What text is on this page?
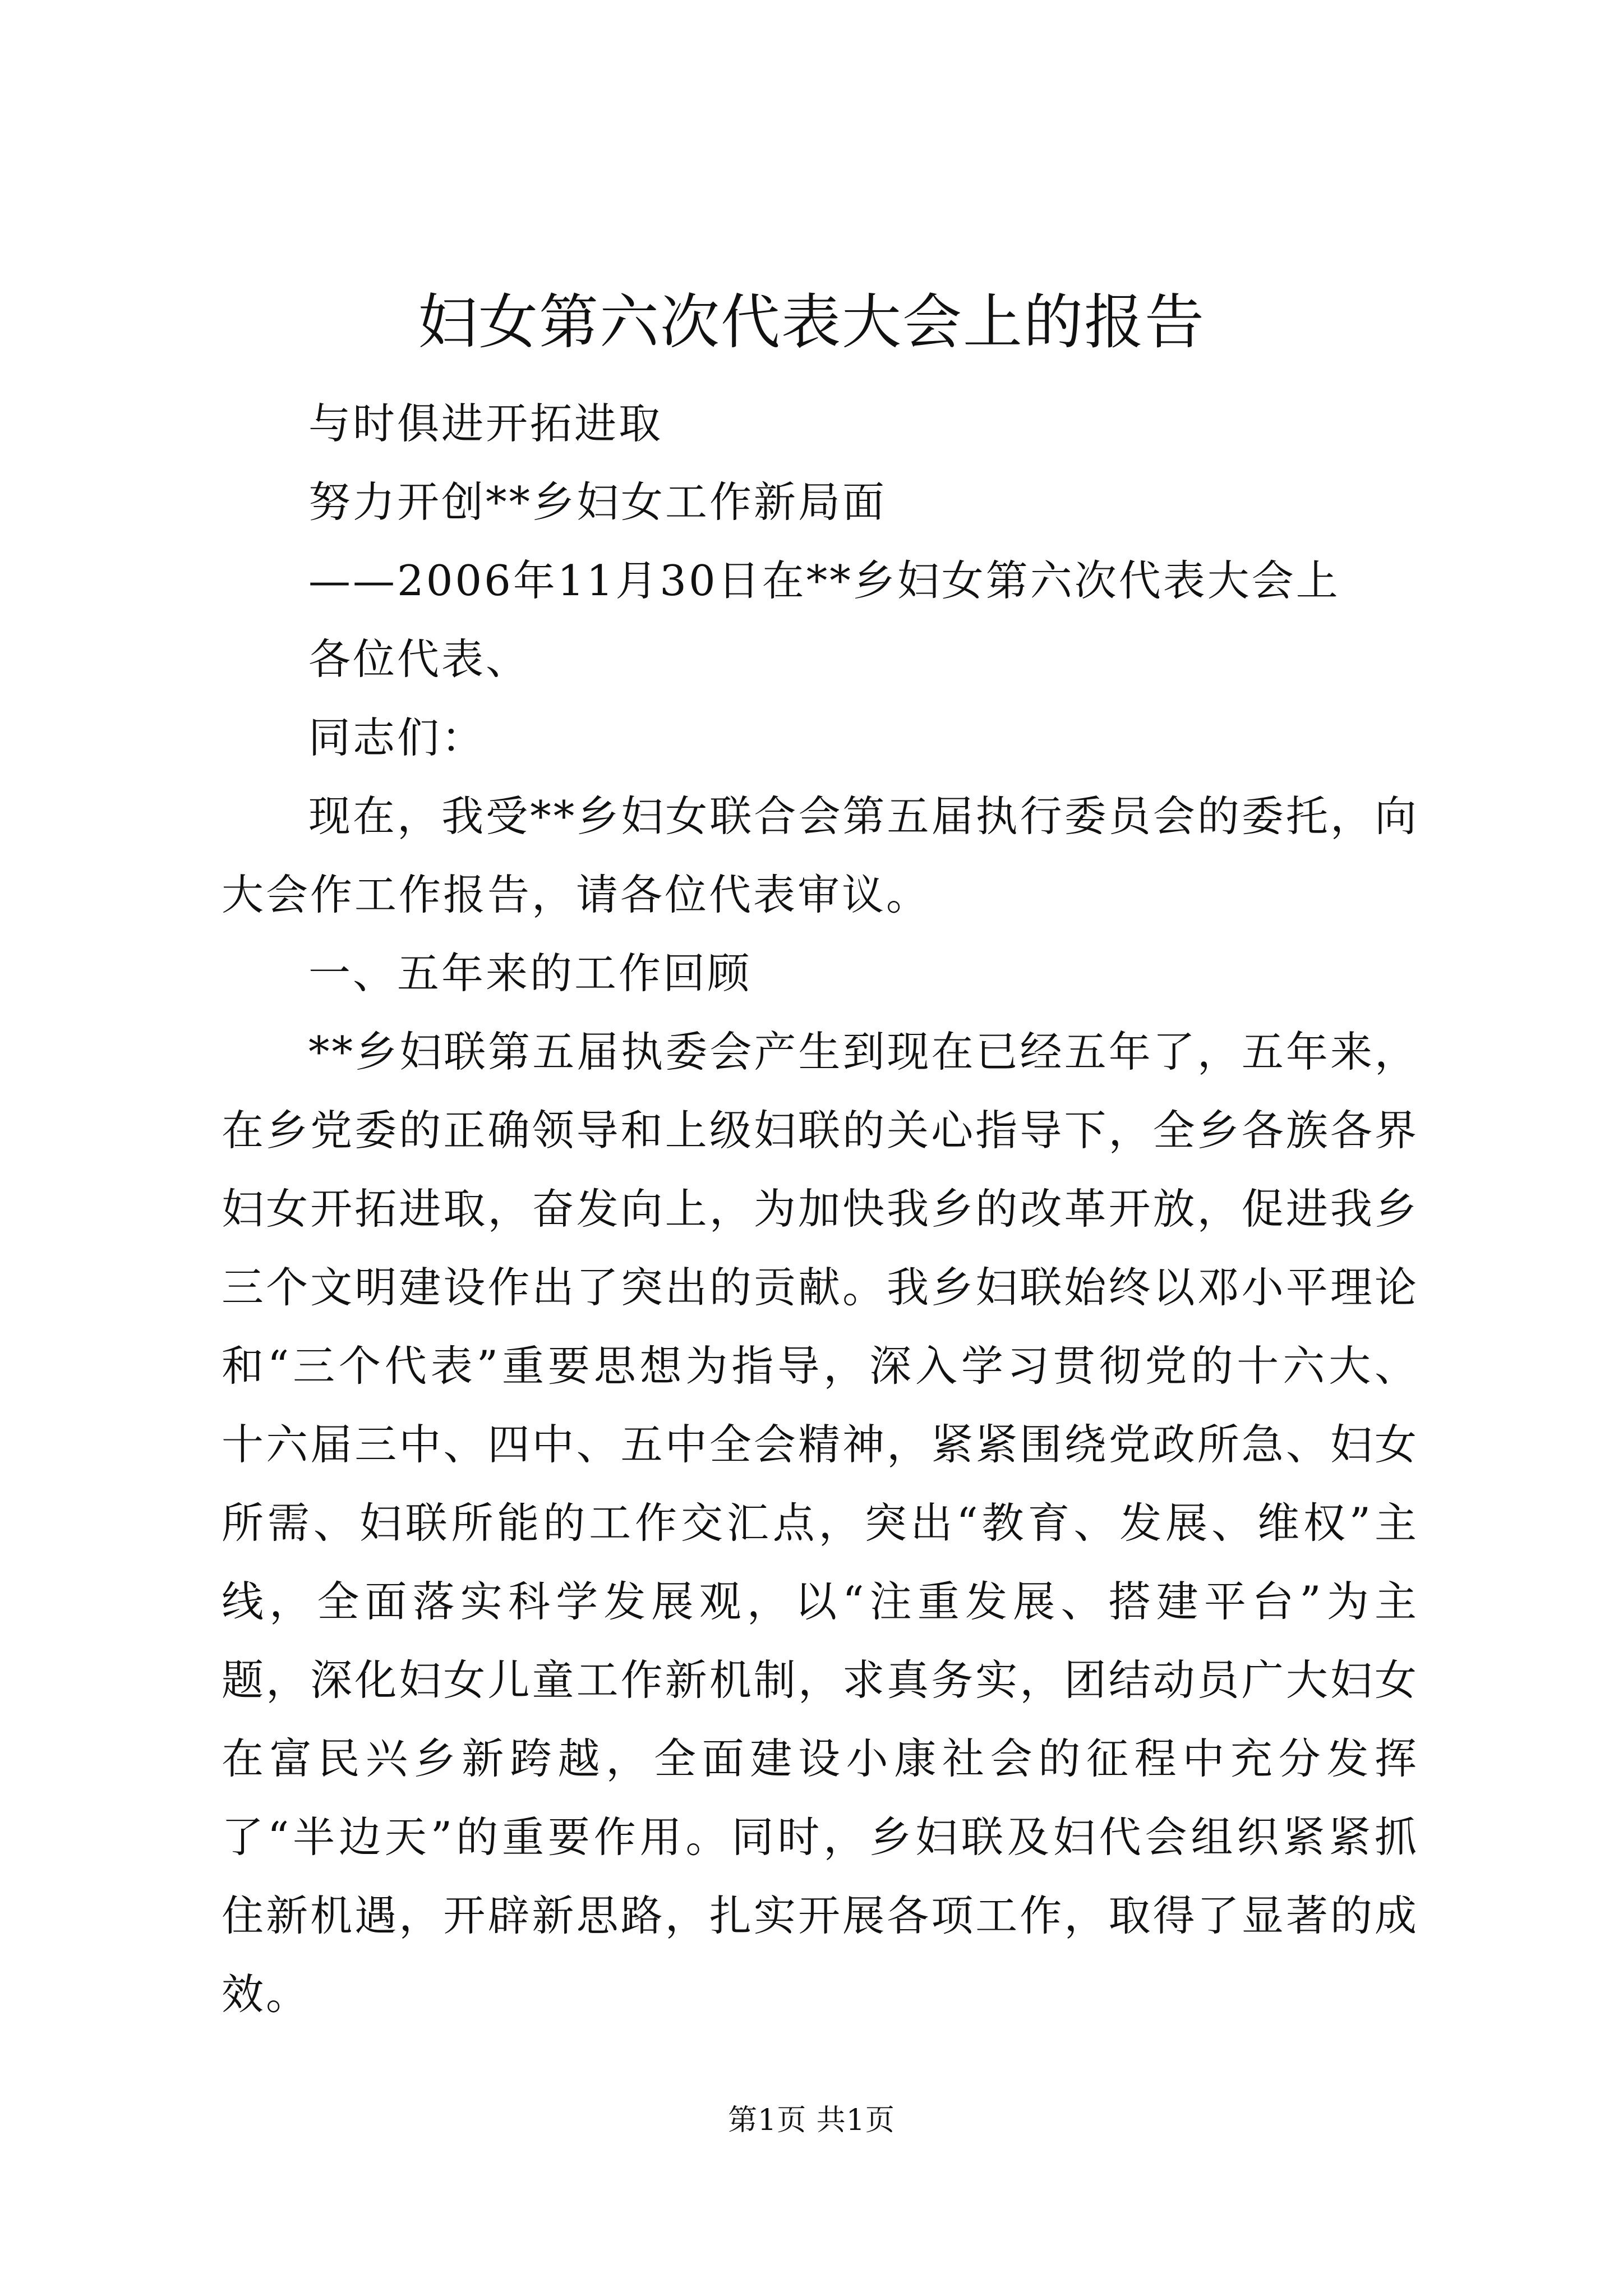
妇女第六次代表大会上的报告

与时俱进开拓进取

努力开创**乡妇女工作新局面

——2006年11月30日在**乡妇女第六次代表大会上

各位代表、

同志们：

现在，我受**乡妇女联合会第五届执行委员会的委托，向大会作工作报告，请各位代表审议。

一、五年来的工作回顾

**乡妇联第五届执委会产生到现在已经五年了，五年来，在乡党委的正确领导和上级妇联的关心指导下，全乡各族各界妇女开拓进取，奋发向上，为加快我乡的改革开放，促进我乡三个文明建设作出了突出的贡献。我乡妇联始终以邓小平理论和“三个代表”重要思想为指导，深入学习贯彻党的十六大、十六届三中、四中、五中全会精神，紧紧围绕党政所急、妇女所需、妇联所能的工作交汇点，突出“教育、发展、维权”主线，全面落实科学发展观，以“注重发展、搭建平台”为主题，深化妇女儿童工作新机制，求真务实，团结动员广大妇女在富民兴乡新跨越，全面建设小康社会的征程中充分发挥了“半边天”的重要作用。同时，乡妇联及妇代会组织紧紧抓住新机遇，开辟新思路，扎实开展各项工作，取得了显著的成效。

第1页 共1页
